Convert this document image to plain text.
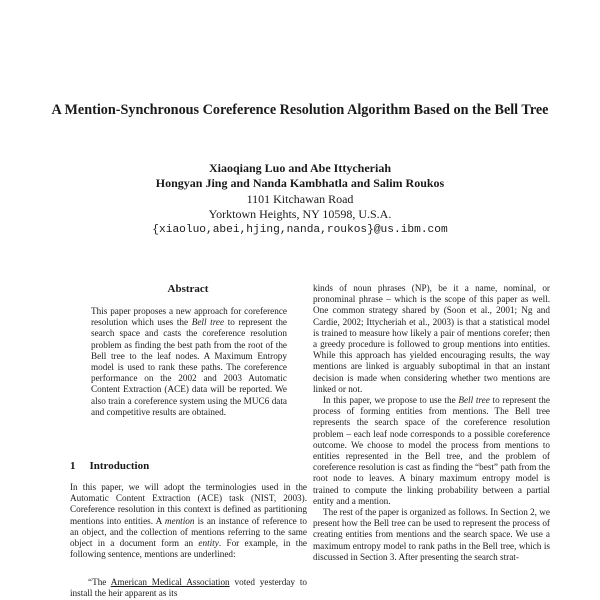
A Mention-Synchronous Coreference Resolution Algorithm Based on the Bell Tree
Xiaoqiang Luo and Abe Ittycheriah
Hongyan Jing and Nanda Kambhatla and Salim Roukos
1101 Kitchawan Road
Yorktown Heights, NY 10598, U.S.A.
{xiaoluo,abei,hjing,nanda,roukos}@us.ibm.com
Abstract

This paper proposes a new approach for coreference resolution which uses the Bell tree to represent the search space and casts the coreference resolution problem as finding the best path from the root of the Bell tree to the leaf nodes. A Maximum Entropy model is used to rank these paths. The coreference performance on the 2002 and 2003 Automatic Content Extraction (ACE) data will be reported. We also train a coreference system using the MUC6 data and competitive results are obtained.

1 Introduction

In this paper, we will adopt the terminologies used in the Automatic Content Extraction (ACE) task (NIST, 2003). Coreference resolution in this context is defined as partitioning mentions into entities. A mention is an instance of reference to an object, and the collection of mentions referring to the same object in a document form an entity. For example, in the following sentence, mentions are underlined:

“The American Medical Association voted yesterday to install the heir apparent as its

kinds of noun phrases (NP), be it a name, nominal, or pronominal phrase – which is the scope of this paper as well. One common strategy shared by (Soon et al., 2001; Ng and Cardie, 2002; Ittycheriah et al., 2003) is that a statistical model is trained to measure how likely a pair of mentions corefer; then a greedy procedure is followed to group mentions into entities. While this approach has yielded encouraging results, the way mentions are linked is arguably suboptimal in that an instant decision is made when considering whether two mentions are linked or not.

In this paper, we propose to use the Bell tree to represent the process of forming entities from mentions. The Bell tree represents the search space of the coreference resolution problem – each leaf node corresponds to a possible coreference outcome. We choose to model the process from mentions to entities represented in the Bell tree, and the problem of coreference resolution is cast as finding the “best” path from the root node to leaves. A binary maximum entropy model is trained to compute the linking probability between a partial entity and a mention.

The rest of the paper is organized as follows. In Section 2, we present how the Bell tree can be used to represent the process of creating entities from mentions and the search space. We use a maximum entropy model to rank paths in the Bell tree, which is discussed in Section 3. After presenting the search strat-
